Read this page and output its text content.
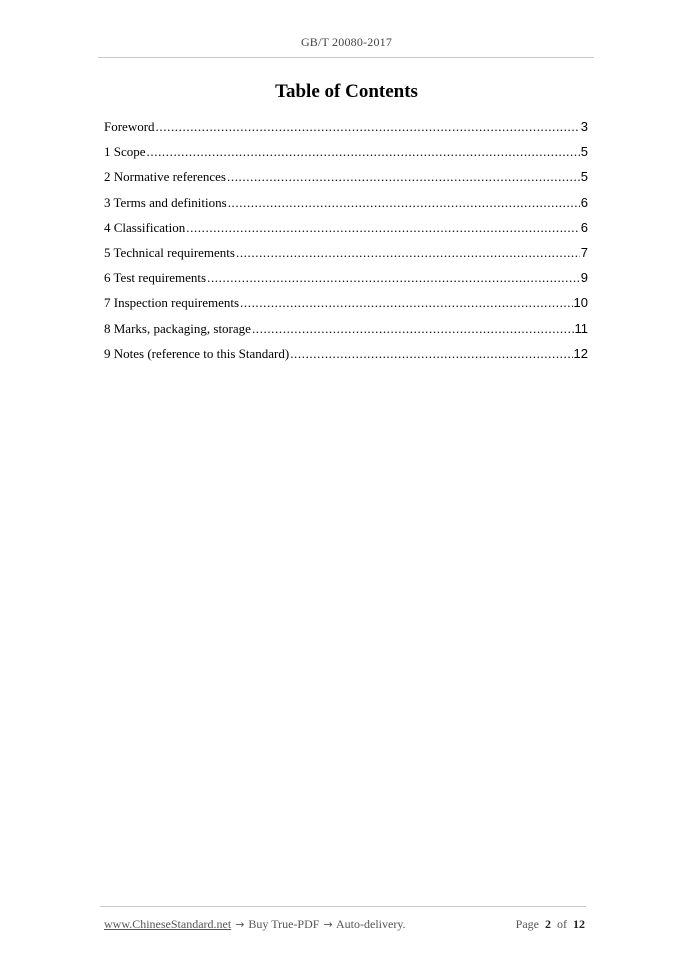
GB/T 20080-2017
Table of Contents
Foreword .....	3
1 Scope .....	5
2 Normative references .....	5
3 Terms and definitions .....	6
4 Classification .....	6
5 Technical requirements .....	7
6 Test requirements .....	9
7 Inspection requirements .....	10
8 Marks, packaging, storage .....	11
9 Notes (reference to this Standard) .....	12
www.ChineseStandard.net → Buy True-PDF → Auto-delivery.	Page 2 of 12
